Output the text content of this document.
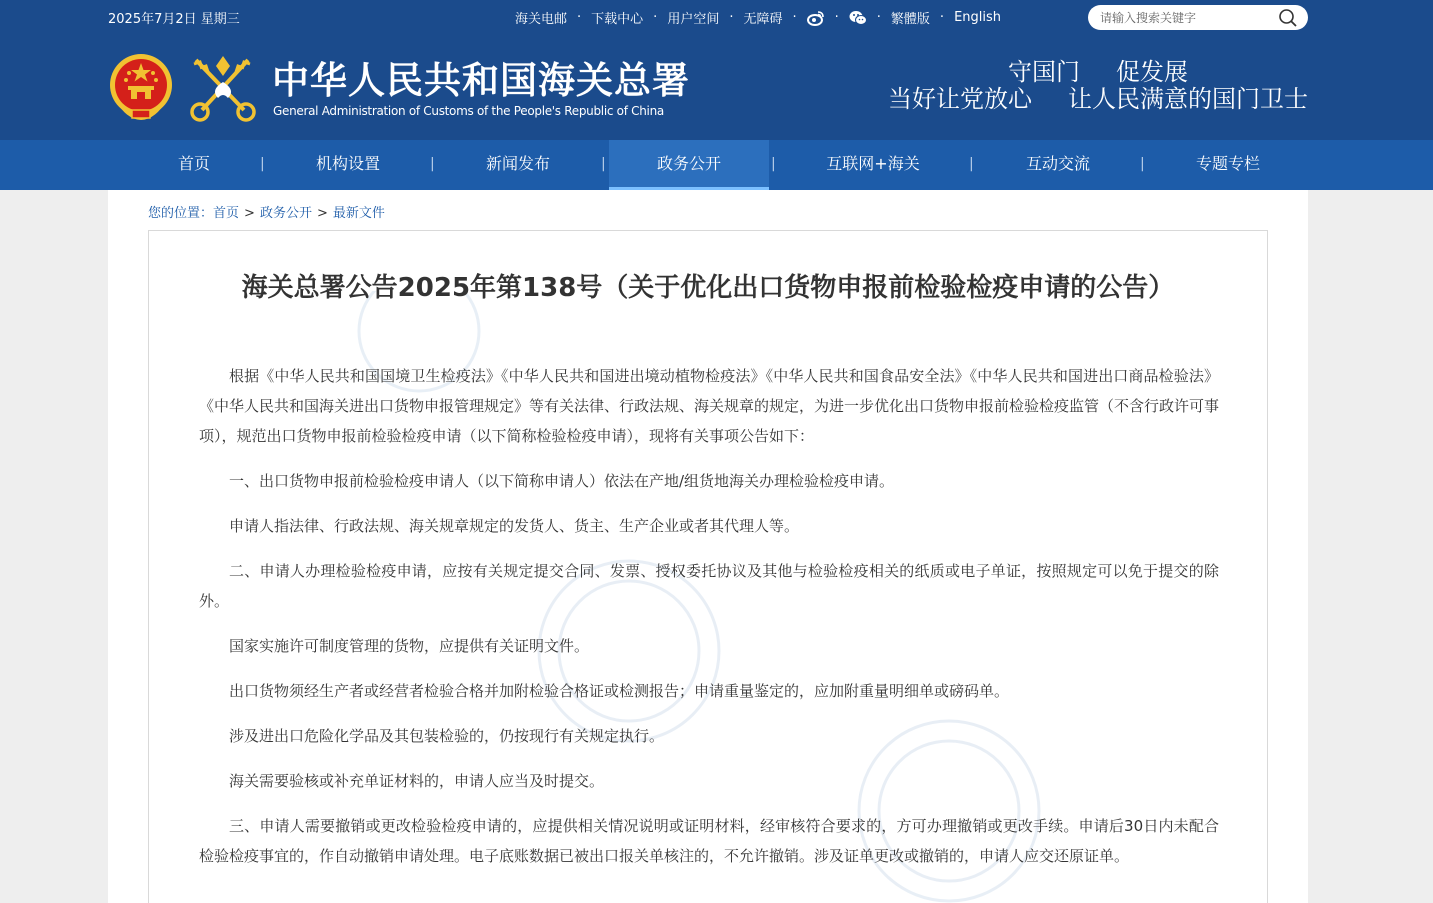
2025年7月2日 星期三	海关电邮 · 下载中心 · 用户空间 · 无障碍 ·	·	· 繁體版 · English
请输入搜索关键字
中华人民共和国海关总署
General Administration of Customs of the People's Republic of China
守国门 促发展
当好让党放心 让人民满意的国门卫士
首页	|	机构设置	|	新闻发布	|	政务公开	|	互联网+海关	|	互动交流	|	专题专栏
您的位置：首页 > 政务公开 > 最新文件
海关总署公告2025年第138号（关于优化出口货物申报前检验检疫申请的公告）

根据《中华人民共和国国境卫生检疫法》《中华人民共和国进出境动植物检疫法》《中华人民共和国食品安全法》《中华人民共和国进出口商品检验法》《中华人民共和国海关进出口货物申报管理规定》等有关法律、行政法规、海关规章的规定，为进一步优化出口货物申报前检验检疫监管（不含行政许可事项），规范出口货物申报前检验检疫申请（以下简称检验检疫申请），现将有关事项公告如下：

一、出口货物申报前检验检疫申请人（以下简称申请人）依法在产地/组货地海关办理检验检疫申请。

申请人指法律、行政法规、海关规章规定的发货人、货主、生产企业或者其代理人等。

二、申请人办理检验检疫申请，应按有关规定提交合同、发票、授权委托协议及其他与检验检疫相关的纸质或电子单证，按照规定可以免于提交的除外。

国家实施许可制度管理的货物，应提供有关证明文件。

出口货物须经生产者或经营者检验合格并加附检验合格证或检测报告；申请重量鉴定的，应加附重量明细单或磅码单。

涉及进出口危险化学品及其包装检验的，仍按现行有关规定执行。

海关需要验核或补充单证材料的，申请人应当及时提交。

三、申请人需要撤销或更改检验检疫申请的，应提供相关情况说明或证明材料，经审核符合要求的，方可办理撤销或更改手续。申请后30日内未配合检验检疫事宜的，作自动撤销申请处理。电子底账数据已被出口报关单核注的，不允许撤销。涉及证单更改或撤销的，申请人应交还原证单。
